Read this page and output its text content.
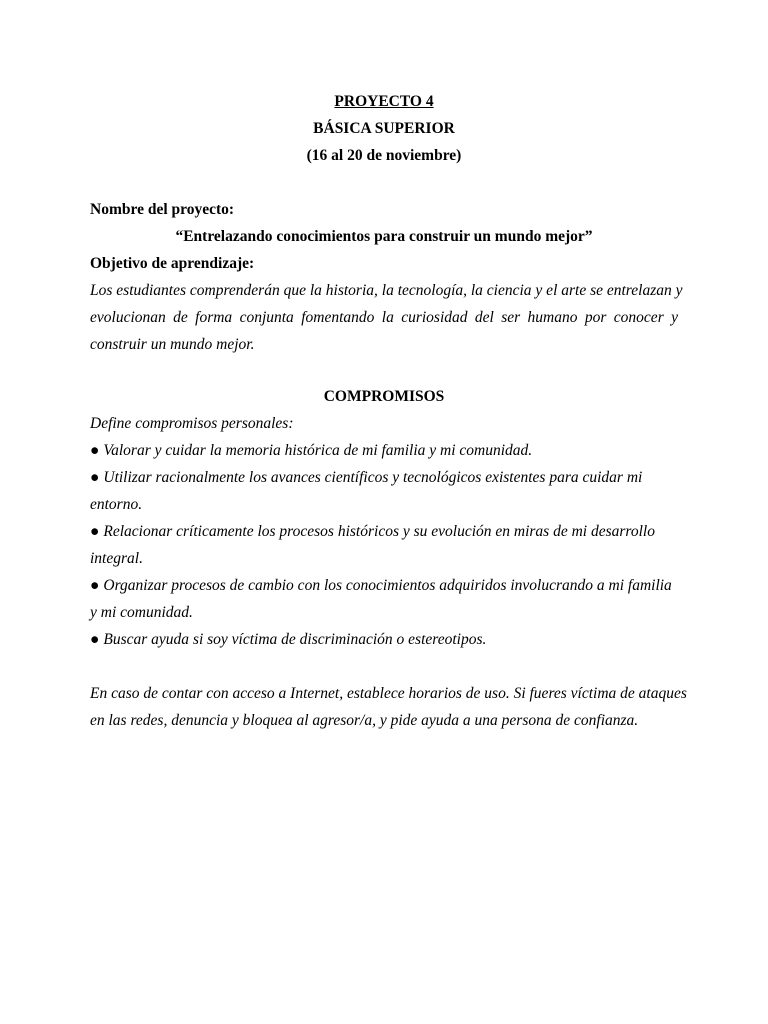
PROYECTO 4
BÁSICA SUPERIOR
(16 al 20 de noviembre)
Nombre del proyecto:
“Entrelazando conocimientos para construir un mundo mejor”
Objetivo de aprendizaje:
Los estudiantes comprenderán que la historia, la tecnología, la ciencia y el arte se entrelazan y
evolucionan de forma conjunta fomentando la curiosidad del ser humano por conocer y
construir un mundo mejor.
COMPROMISOS
Define compromisos personales:
● Valorar y cuidar la memoria histórica de mi familia y mi comunidad.
● Utilizar racionalmente los avances científicos y tecnológicos existentes para cuidar mi
entorno.
● Relacionar críticamente los procesos históricos y su evolución en miras de mi desarrollo
integral.
● Organizar procesos de cambio con los conocimientos adquiridos involucrando a mi familia
y mi comunidad.
● Buscar ayuda si soy víctima de discriminación o estereotipos.
En caso de contar con acceso a Internet, establece horarios de uso. Si fueres víctima de ataques
en las redes, denuncia y bloquea al agresor/a, y pide ayuda a una persona de confianza.
